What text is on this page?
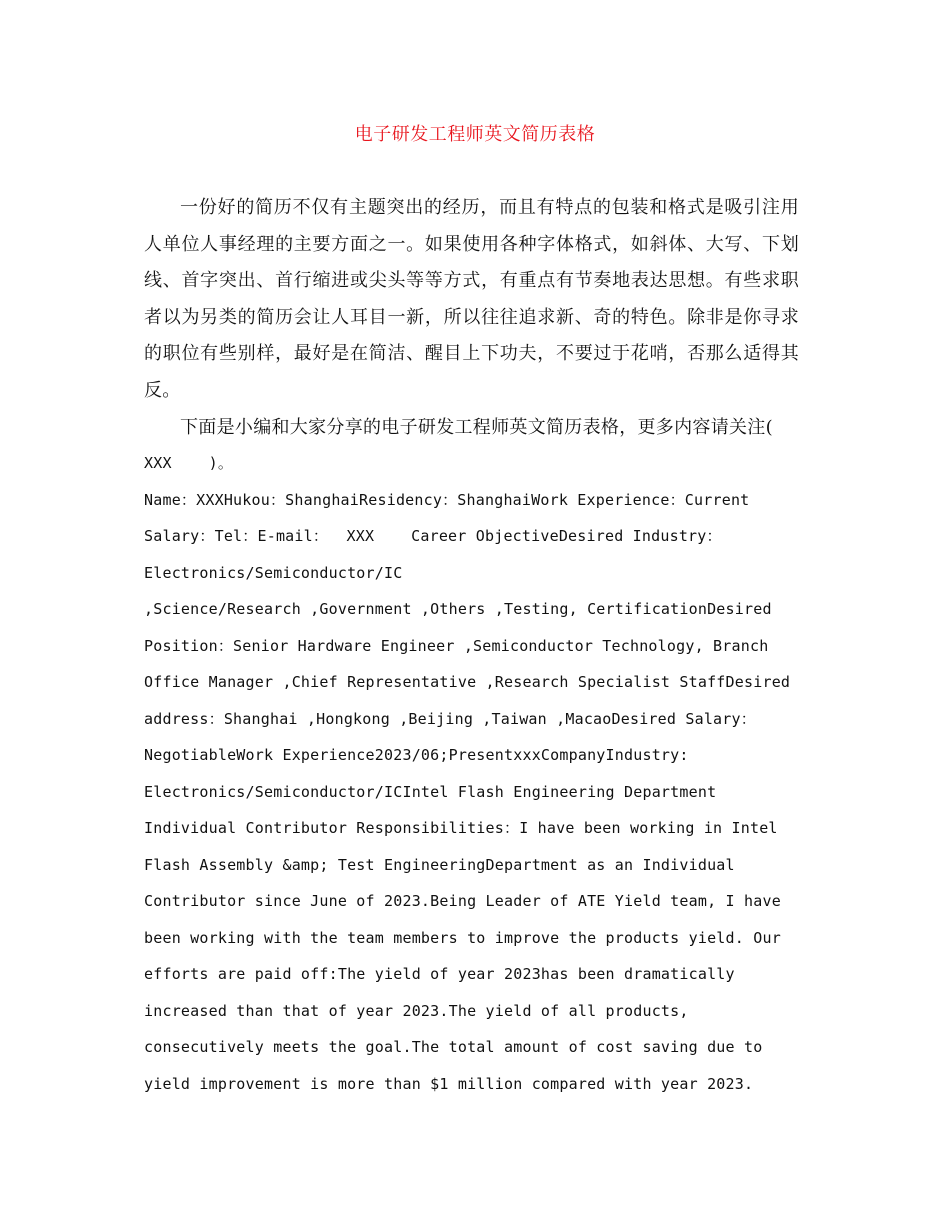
电子研发工程师英文简历表格

一份好的简历不仅有主题突出的经历，而且有特点的包装和格式是吸引注用人单位人事经理的主要方面之一。如果使用各种字体格式，如斜体、大写、下划线、首字突出、首行缩进或尖头等等方式，有重点有节奏地表达思想。有些求职者以为另类的简历会让人耳目一新，所以往往追求新、奇的特色。除非是你寻求的职位有些别样，最好是在简洁、醒目上下功夫，不要过于花哨，否那么适得其反。

下面是小编和大家分享的电子研发工程师英文简历表格，更多内容请关注(

XXX    )。
Name：XXXHukou：ShanghaiResidency：ShanghaiWork Experience：Current
Salary：Tel：E-mail：  XXX    Career ObjectiveDesired Industry：
Electronics/Semiconductor/IC
,Science/Research ,Government ,Others ,Testing, CertificationDesired
Position：Senior Hardware Engineer ,Semiconductor Technology, Branch
Office Manager ,Chief Representative ,Research Specialist StaffDesired
address：Shanghai ,Hongkong ,Beijing ,Taiwan ,MacaoDesired Salary：
NegotiableWork Experience2023/06;PresentxxxCompanyIndustry:
Electronics/Semiconductor/ICIntel Flash Engineering Department
Individual Contributor Responsibilities：I have been working in Intel
Flash Assembly &amp; Test EngineeringDepartment as an Individual
Contributor since June of 2023.Being Leader of ATE Yield team, I have
been working with the team members to improve the products yield. Our
efforts are paid off:The yield of year 2023has been dramatically
increased than that of year 2023.The yield of all products,
consecutively meets the goal.The total amount of cost saving due to
yield improvement is more than $1 million compared with year 2023.
